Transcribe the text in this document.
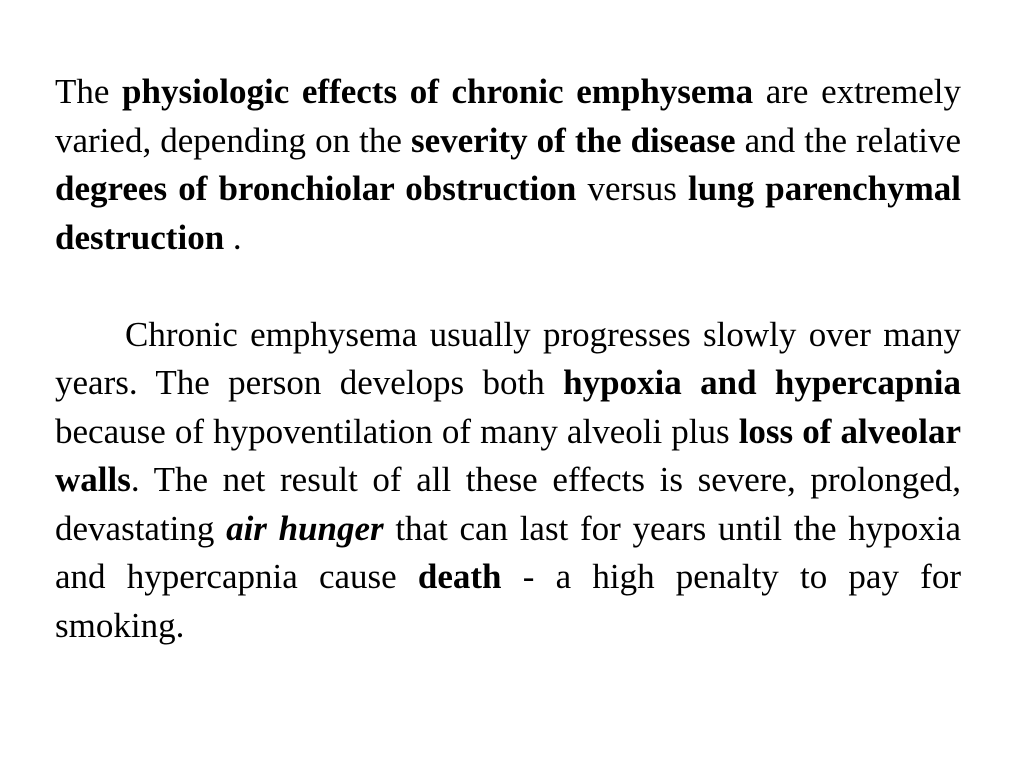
The physiologic effects of chronic emphysema are extremely varied, depending on the severity of the disease and the relative degrees of bronchiolar obstruction versus lung parenchymal destruction .

Chronic emphysema usually progresses slowly over many years. The person develops both hypoxia and hypercapnia because of hypoventilation of many alveoli plus loss of alveolar walls. The net result of all these effects is severe, prolonged, devastating air hunger that can last for years until the hypoxia and hypercapnia cause death - a high penalty to pay for smoking.
